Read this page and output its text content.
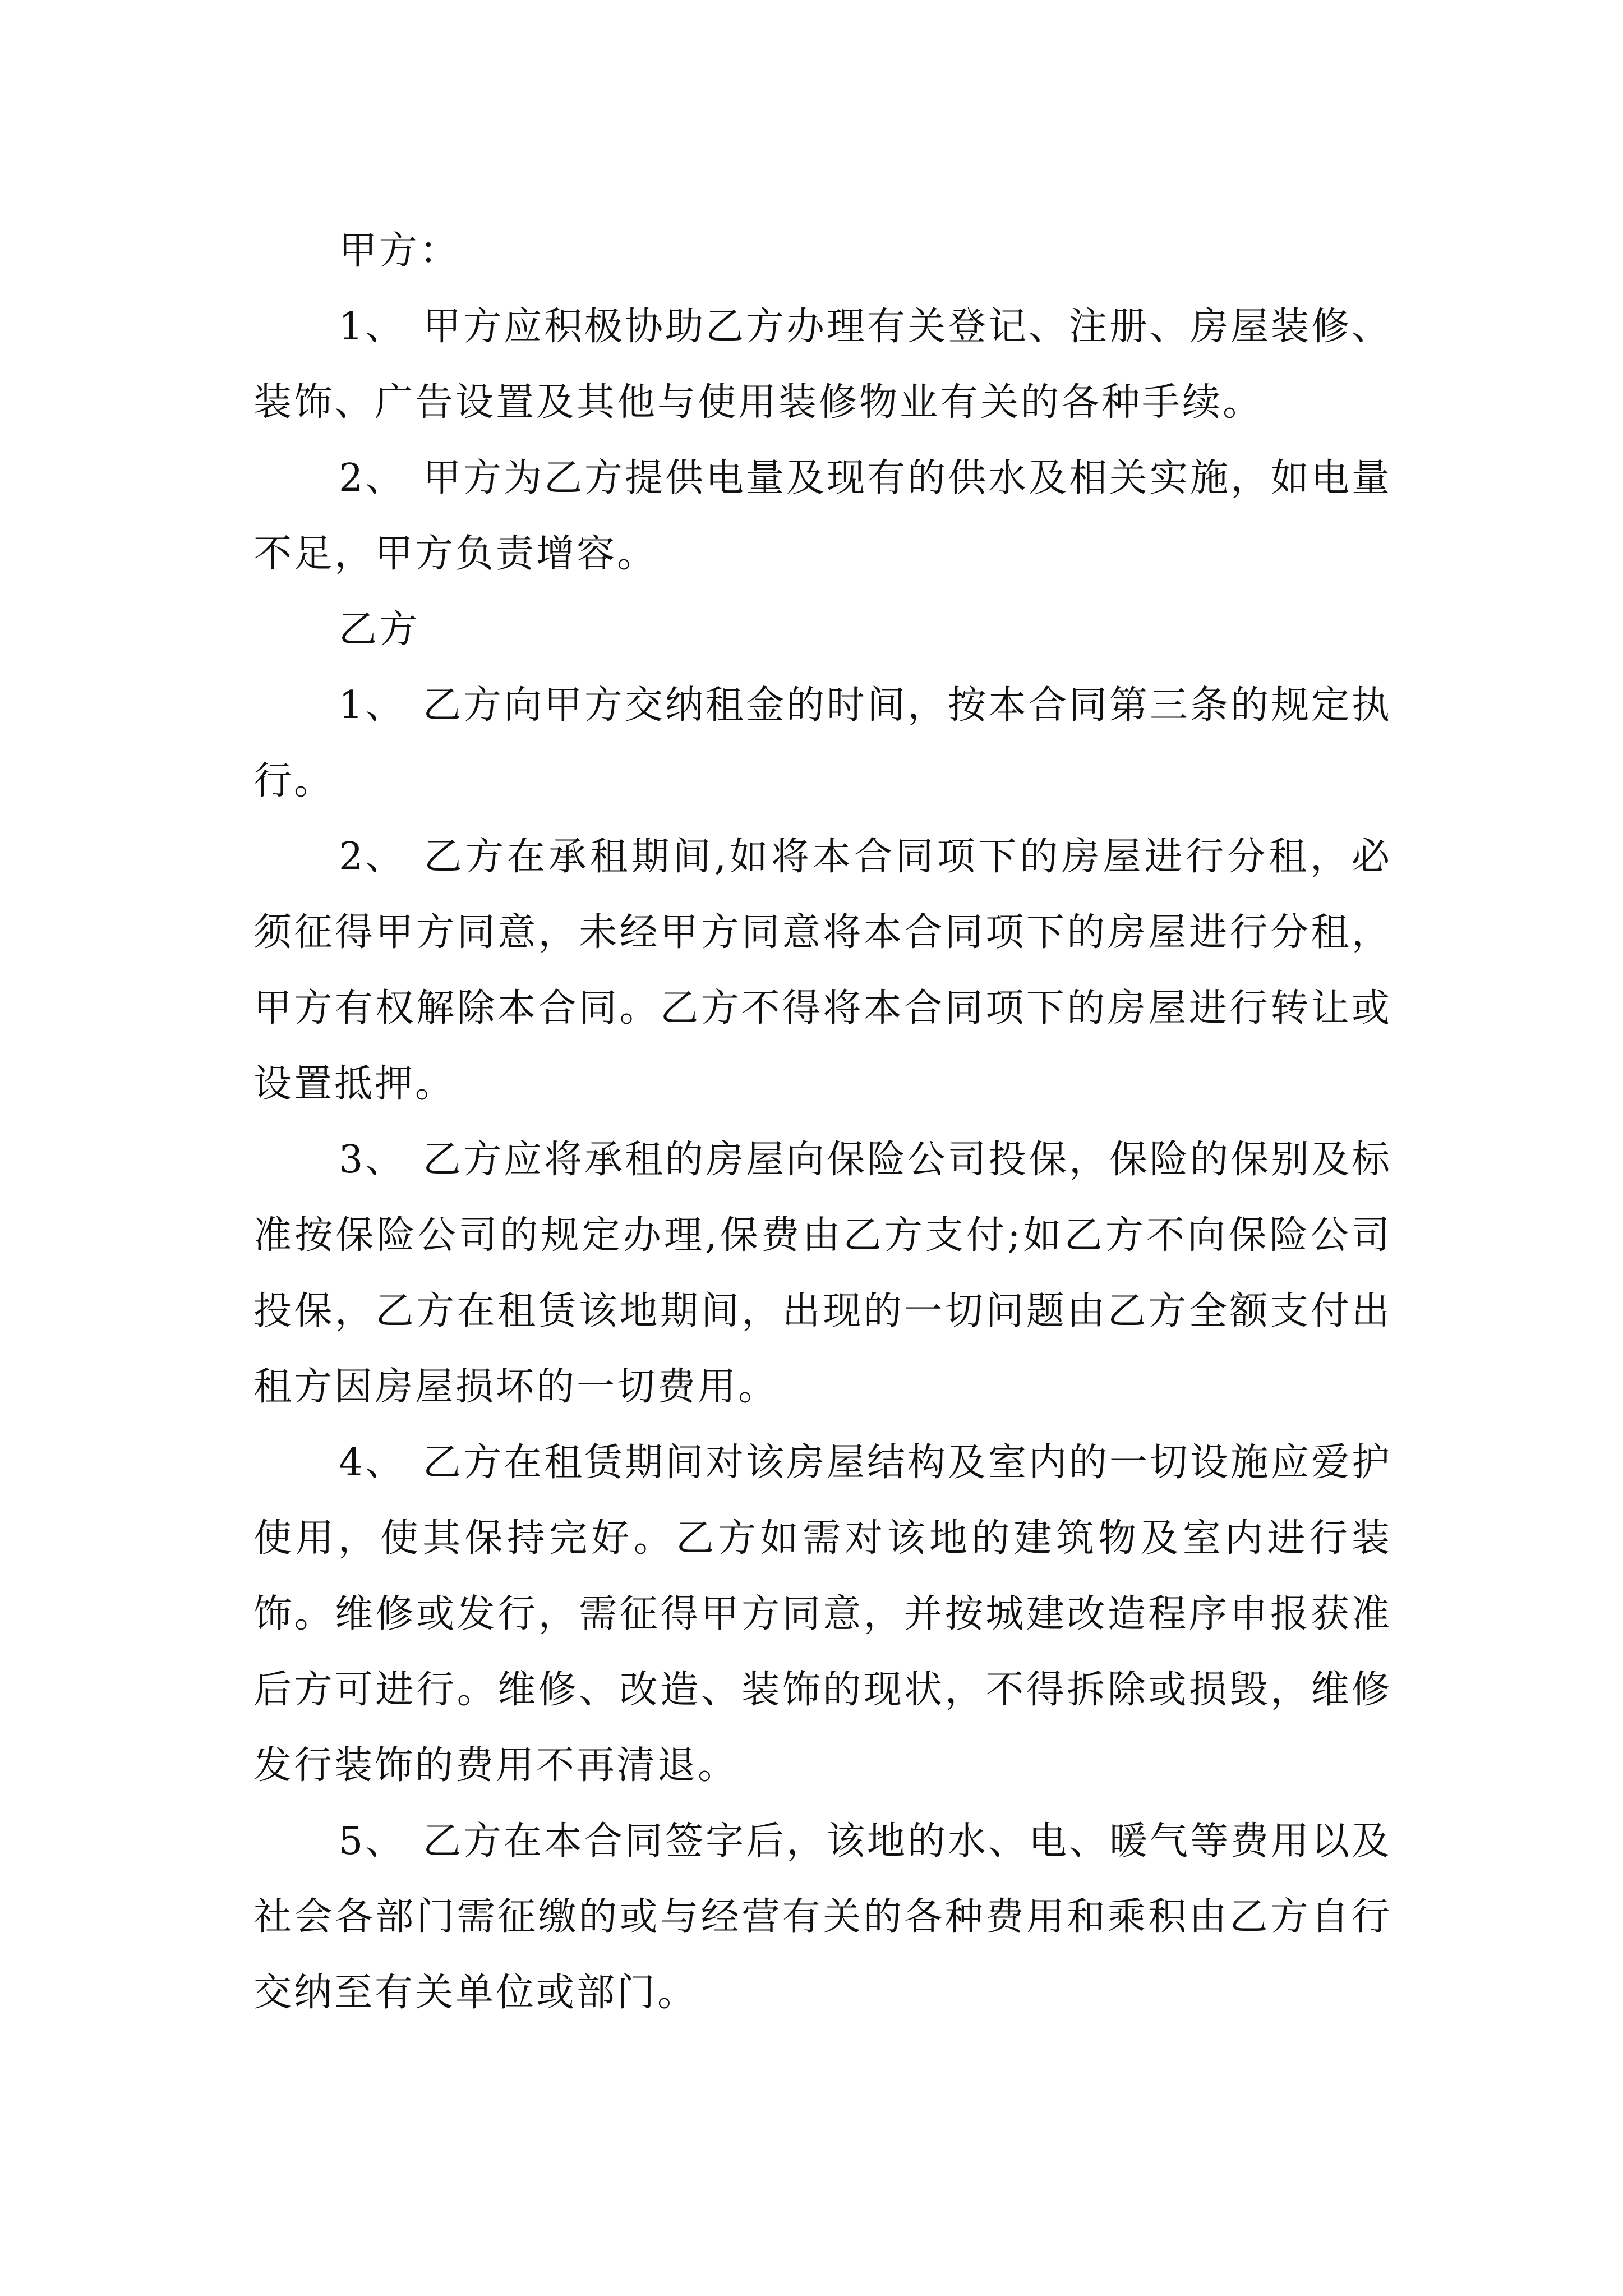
甲方：

1、 甲方应积极协助乙方办理有关登记、注册、房屋装修、装饰、广告设置及其他与使用装修物业有关的各种手续。

2、 甲方为乙方提供电量及现有的供水及相关实施，如电量不足，甲方负责增容。

乙方

1、 乙方向甲方交纳租金的时间，按本合同第三条的规定执行。

2、 乙方在承租期间,如将本合同项下的房屋进行分租，必须征得甲方同意，未经甲方同意将本合同项下的房屋进行分租，甲方有权解除本合同。乙方不得将本合同项下的房屋进行转让或设置抵押。

3、 乙方应将承租的房屋向保险公司投保，保险的保别及标准按保险公司的规定办理,保费由乙方支付;如乙方不向保险公司投保，乙方在租赁该地期间，出现的一切问题由乙方全额支付出租方因房屋损坏的一切费用。

4、 乙方在租赁期间对该房屋结构及室内的一切设施应爱护使用，使其保持完好。乙方如需对该地的建筑物及室内进行装饰。维修或发行，需征得甲方同意，并按城建改造程序申报获准后方可进行。维修、改造、装饰的现状，不得拆除或损毁，维修发行装饰的费用不再清退。

5、 乙方在本合同签字后，该地的水、电、暖气等费用以及社会各部门需征缴的或与经营有关的各种费用和乘积由乙方自行交纳至有关单位或部门。
